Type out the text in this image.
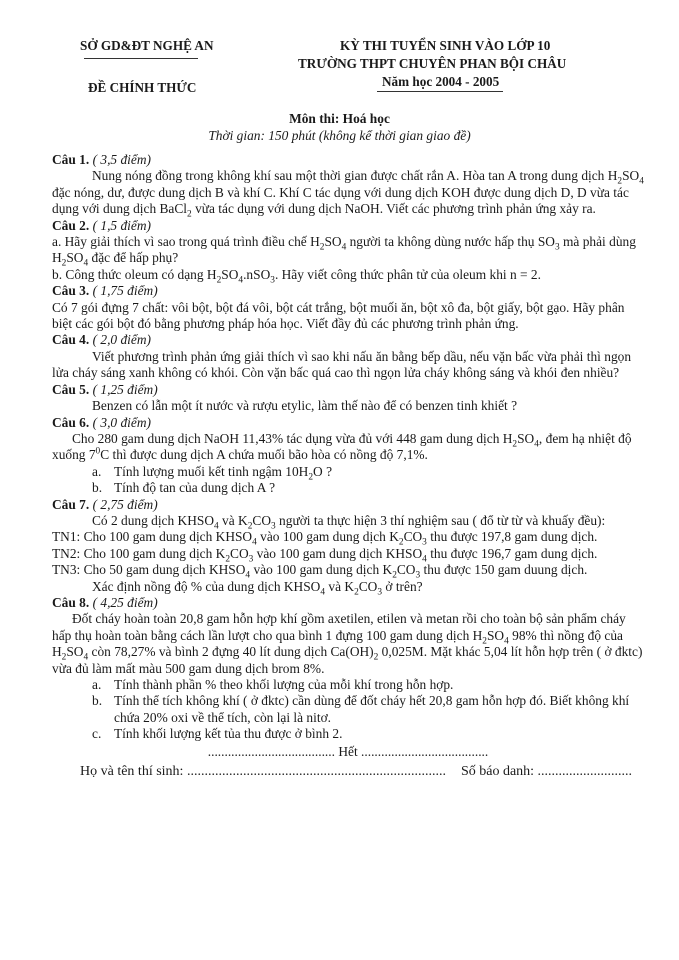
SỞ GD&ĐT NGHỆ AN
ĐỀ CHÍNH THỨC
KỲ THI TUYỂN SINH VÀO LỚP 10
TRƯỜNG THPT CHUYÊN PHAN BỘI CHÂU
Năm học 2004 - 2005
Môn thi: Hoá học
Thời gian: 150 phút (không kể thời gian giao đề)

Câu 1. ( 3,5 điểm)

Nung nóng đồng trong không khí sau một thời gian được chất rắn A. Hòa tan A trong dung dịch $H_2SO_4$ đặc nóng, dư, được dung dịch B và khí C. Khí C tác dụng với dung dịch KOH được dung dịch D, D vừa tác dụng với dung dịch BaCl$_2$ vừa tác dụng với dung dịch NaOH. Viết các phương trình phản ứng xảy ra.

Câu 2. ( 1,5 điểm)

a. Hãy giải thích vì sao trong quá trình điều chế $H_2SO_4$ người ta không dùng nước hấp thụ $SO_3$ mà phải dùng $H_2SO_4$ đặc để hấp phụ?

b. Công thức oleum có dạng $H_2SO_4.nSO_3$. Hãy viết công thức phân tử của oleum khi n = 2.

Câu 3. ( 1,75 điểm)

Có 7 gói đựng 7 chất: vôi bột, bột đá vôi, bột cát trắng, bột muối ăn, bột xô đa, bột giấy, bột gạo. Hãy phân biệt các gói bột đó bằng phương pháp hóa học. Viết đầy đủ các phương trình phản ứng.

Câu 4. ( 2,0 điểm)

Viết phương trình phản ứng giải thích vì sao khi nấu ăn bằng bếp dầu, nếu vặn bấc vừa phải thì ngọn lửa cháy sáng xanh không có khói. Còn vặn bấc quá cao thì ngọn lửa cháy không sáng và khói đen nhiều?

Câu 5. ( 1,25 điểm)

Benzen có lẫn một ít nước và rượu etylic, làm thế nào để có benzen tinh khiết ?

Câu 6. ( 3,0 điểm)

Cho 280 gam dung dịch NaOH 11,43% tác dụng vừa đủ với 448 gam dung dịch $H_2SO_4$, đem hạ nhiệt độ xuống $7^0C$ thì được dung dịch A chứa muối bão hòa có nồng độ 7,1%.

a. Tính lượng muối kết tinh ngậm $10H_2O$ ?

b. Tính độ tan của dung dịch A ?

Câu 7. ( 2,75 điểm)

Có 2 dung dịch $KHSO_4$ và $K_2CO_3$ người ta thực hiện 3 thí nghiệm sau ( đổ từ từ và khuấy đều):

TN1: Cho 100 gam dung dịch $KHSO_4$ vào 100 gam dung dịch $K_2CO_3$ thu được 197,8 gam dung dịch.

TN2: Cho 100 gam dung dịch $K_2CO_3$ vào 100 gam dung dịch $KHSO_4$ thu được 196,7 gam dung dịch.

TN3: Cho 50 gam dung dịch $KHSO_4$ vào 100 gam dung dịch $K_2CO_3$ thu được 150 gam duung dịch.

Xác định nồng độ % của dung dịch $KHSO_4$ và $K_2CO_3$ ở trên?

Câu 8. ( 4,25 điểm)

Đốt cháy hoàn toàn 20,8 gam hỗn hợp khí gồm axetilen, etilen và metan rồi cho toàn bộ sản phẩm cháy hấp thụ hoàn toàn bằng cách lần lượt cho qua bình 1 đựng 100 gam dung dịch $H_2SO_4$ 98% thì nồng độ của $H_2SO_4$ còn 78,27% và bình 2 đựng 40 lít dung dịch $Ca(OH)_2$ 0,025M. Mặt khác 5,04 lít hỗn hợp trên ( ở đktc) vừa đủ làm mất màu 500 gam dung dịch brom 8%.

a. Tính thành phần % theo khối lượng của mỗi khí trong hỗn hợp.

b. Tính thể tích không khí ( ở đktc) cần dùng để đốt cháy hết 20,8 gam hỗn hợp đó. Biết không khí chứa 20% oxi về thể tích, còn lại là nitơ.

c. Tính khối lượng kết tủa thu được ở bình 2.

...................................... Hết ......................................

Họ và tên thí sinh: .......................................................................... Số báo danh: ...........................
